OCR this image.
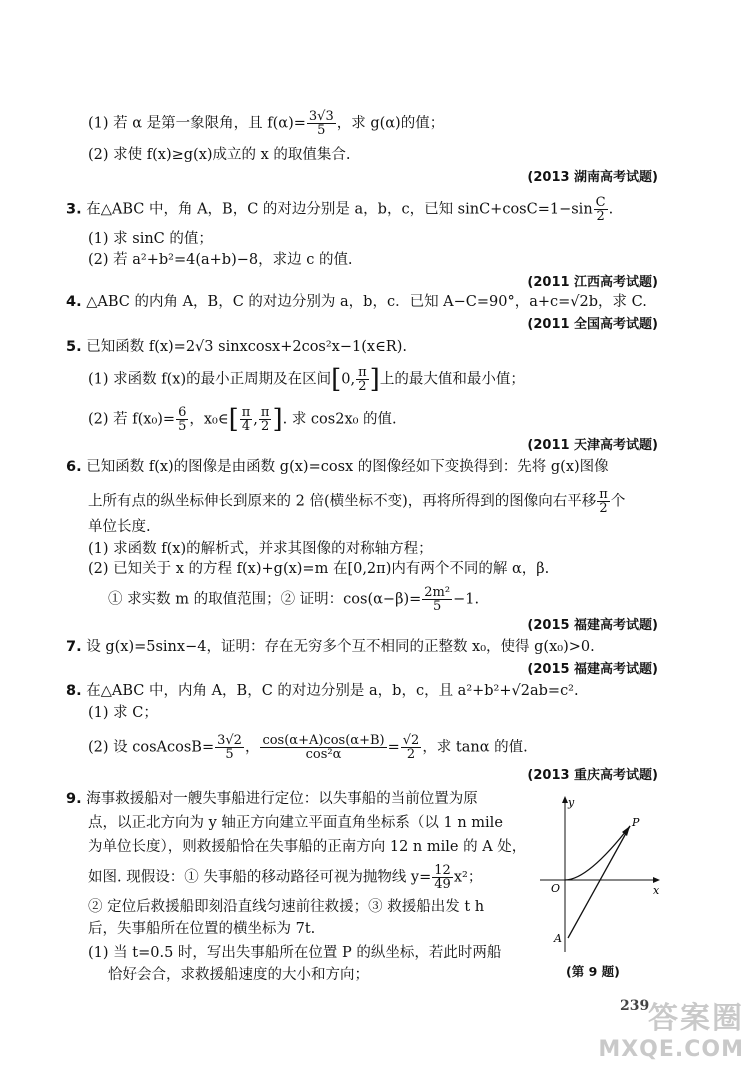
(1) 若 α 是第一象限角，且 $f(\alpha)= \frac{3√3}{5}$ ，求 g(α)的值；
(2) 求使 f(x)≥g(x)成立的 x 的取值集合.
(2013 湖南高考试题)
3. 在△ABC 中，角 A，B，C 的对边分别是 a，b，c，已知 $\sin C+\cos C=1-\sin \frac{C}{2}$ .
(1) 求 sinC 的值；
(2) 若 a²+b²=4(a+b)−8，求边 c 的值.
(2011 江西高考试题)
4. △ABC 的内角 A，B，C 的对边分别为 a，b，c．已知 A−C=90°，a+c=√2b，求 C.
(2011 全国高考试题)
5. 已知函数 f(x)=2√3 sinxcosx+2cos²x−1(x∈R).
(1) 求函数 f(x)的最小正周期及在区间[0, $\frac{\pi}{2}$ ]上的最大值和最小值；
(2) 若 $f(x_0)= \frac{6}{5}$ ，x₀∈[ $\frac{\pi}{4}$ , $\frac{\pi}{2}$ ]. 求 cos2x₀ 的值.
(2011 天津高考试题)
6. 已知函数 f(x)的图像是由函数 g(x)=cosx 的图像经如下变换得到：先将 g(x)图像
上所有点的纵坐标伸长到原来的 2 倍(横坐标不变)，再将所得到的图像向右平移 $\frac{\pi}{2}$ 个
单位长度.
(1) 求函数 f(x)的解析式，并求其图像的对称轴方程；
(2) 已知关于 x 的方程 f(x)+g(x)=m 在[0,2π)内有两个不同的解 α，β.
① 求实数 m 的取值范围；② 证明：$\cos(\alpha-\beta)= \frac{\text{2m²}}{5} -1$.
(2015 福建高考试题)
7. 设 g(x)=5sinx−4，证明：存在无穷多个互不相同的正整数 x₀，使得 g(x₀)>0.
(2015 福建高考试题)
8. 在△ABC 中，内角 A，B，C 的对边分别是 a，b，c，且 a²+b²+√2ab=c².
(1) 求 C；
(2) 设 cosAcosB= $\frac{3√2}{5}$ ， $\frac{\cos(\alpha+A)\cos(\alpha+B)}{\text{cos²α}} = \frac{√2}{2}$ ，求 tanα 的值.
(2013 重庆高考试题)
9. 海事救援船对一艘失事船进行定位：以失事船的当前位置为原
点，以正北方向为 y 轴正方向建立平面直角坐标系（以 1 n mile
为单位长度），则救援船恰在失事船的正南方向 12 n mile 的 A 处，
如图. 现假设：① 失事船的移动路径可视为抛物线 $y= \frac{12}{49} x^2$；
② 定位后救援船即刻沿直线匀速前往救援；③ 救援船出发 t h
后，失事船所在位置的横坐标为 7t.
(1) 当 t=0.5 时，写出失事船所在位置 P 的纵坐标，若此时两船
恰好会合，求救援船速度的大小和方向；
y
x
O
P
A
(第 9 题)
239
答案圈
MXQE.COM
